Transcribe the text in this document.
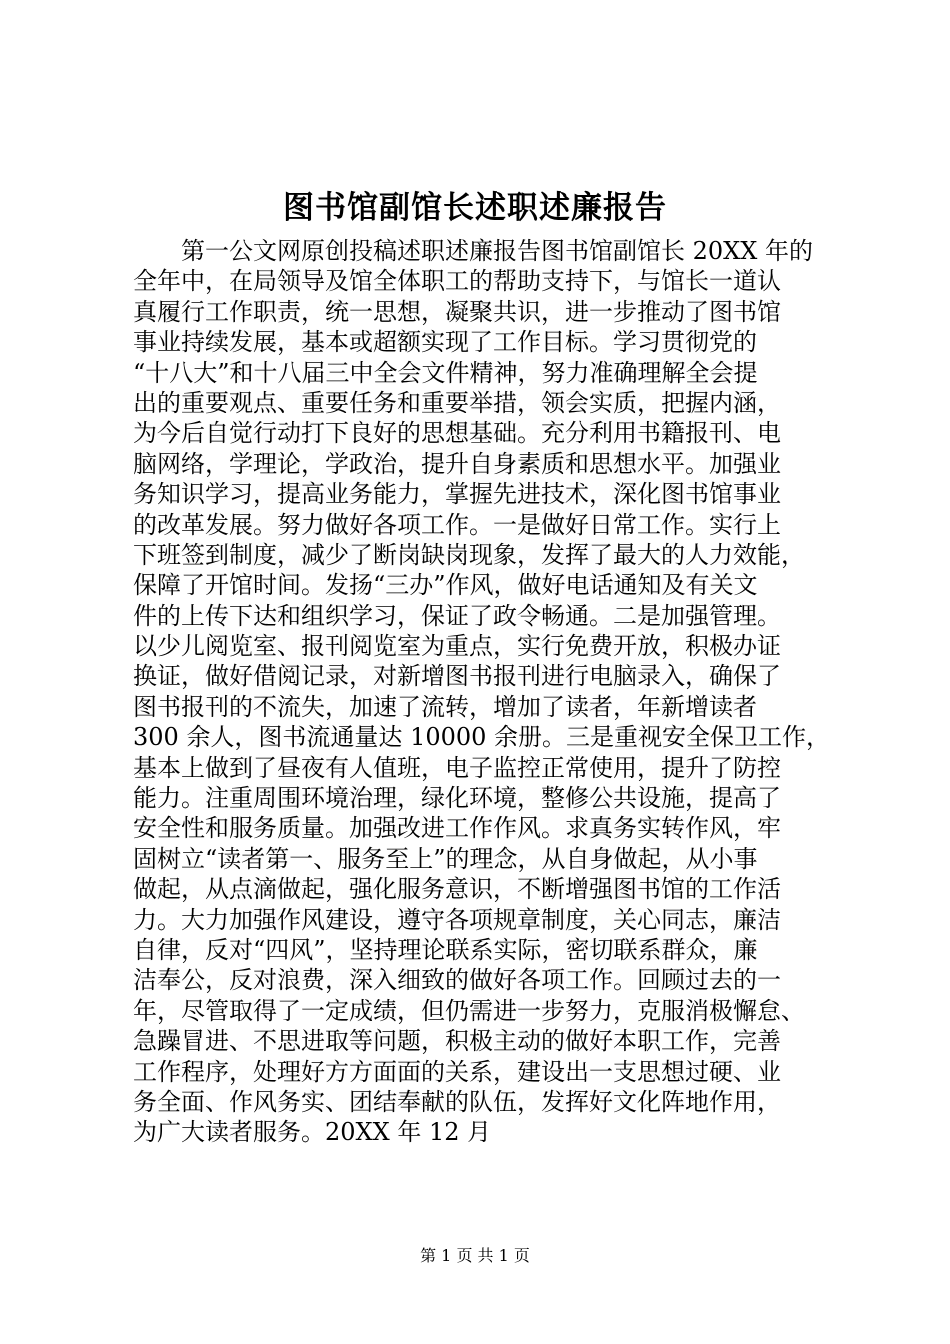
图书馆副馆长述职述廉报告
第一公文网原创投稿述职述廉报告图书馆副馆长 20XX 年的
全年中，在局领导及馆全体职工的帮助支持下，与馆长一道认
真履行工作职责，统一思想，凝聚共识，进一步推动了图书馆
事业持续发展，基本或超额实现了工作目标。学习贯彻党的
“十八大”和十八届三中全会文件精神，努力准确理解全会提
出的重要观点、重要任务和重要举措，领会实质，把握内涵，
为今后自觉行动打下良好的思想基础。充分利用书籍报刊、电
脑网络，学理论，学政治，提升自身素质和思想水平。加强业
务知识学习，提高业务能力，掌握先进技术，深化图书馆事业
的改革发展。努力做好各项工作。一是做好日常工作。实行上
下班签到制度，减少了断岗缺岗现象，发挥了最大的人力效能，
保障了开馆时间。发扬“三办”作风，做好电话通知及有关文
件的上传下达和组织学习，保证了政令畅通。二是加强管理。
以少儿阅览室、报刊阅览室为重点，实行免费开放，积极办证
换证，做好借阅记录，对新增图书报刊进行电脑录入，确保了
图书报刊的不流失，加速了流转，增加了读者，年新增读者
300 余人，图书流通量达 10000 余册。三是重视安全保卫工作，
基本上做到了昼夜有人值班，电子监控正常使用，提升了防控
能力。注重周围环境治理，绿化环境，整修公共设施，提高了
安全性和服务质量。加强改进工作作风。求真务实转作风，牢
固树立“读者第一、服务至上”的理念，从自身做起，从小事
做起，从点滴做起，强化服务意识，不断增强图书馆的工作活
力。大力加强作风建设，遵守各项规章制度，关心同志，廉洁
自律，反对“四风”，坚持理论联系实际，密切联系群众，廉
洁奉公，反对浪费，深入细致的做好各项工作。回顾过去的一
年，尽管取得了一定成绩，但仍需进一步努力，克服消极懈怠、
急躁冒进、不思进取等问题，积极主动的做好本职工作，完善
工作程序，处理好方方面面的关系，建设出一支思想过硬、业
务全面、作风务实、团结奉献的队伍，发挥好文化阵地作用，
为广大读者服务。20XX 年 12 月
第 1 页 共 1 页
